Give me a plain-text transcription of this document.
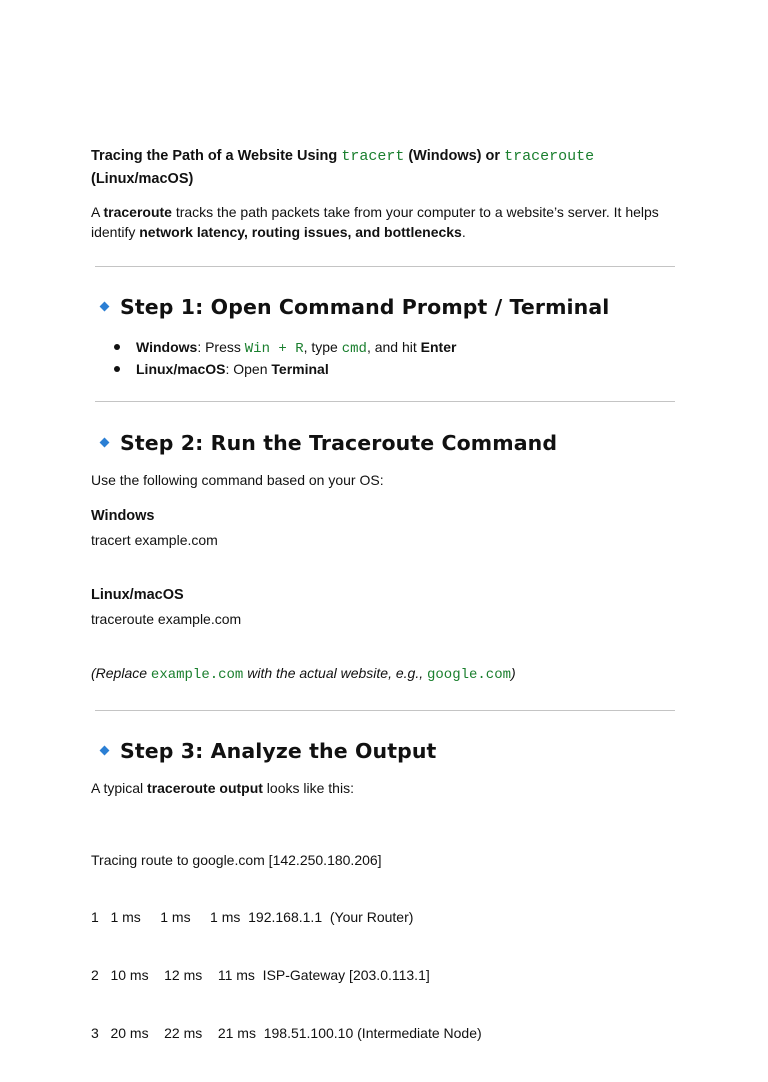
Tracing the Path of a Website Using tracert (Windows) or traceroute
(Linux/macOS)
A traceroute tracks the path packets take from your computer to a website’s server. It helps identify network latency, routing issues, and bottlenecks.
Step 1: Open Command Prompt / Terminal
Windows: Press Win + R, type cmd, and hit Enter
Linux/macOS: Open Terminal
Step 2: Run the Traceroute Command
Use the following command based on your OS:
Windows
tracert example.com
Linux/macOS
traceroute example.com
(Replace example.com with the actual website, e.g., google.com)
Step 3: Analyze the Output
A typical traceroute output looks like this:

Tracing route to google.com [142.250.180.206]

1   1 ms     1 ms     1 ms  192.168.1.1  (Your Router)

2   10 ms    12 ms    11 ms  ISP-Gateway [203.0.113.1]

3   20 ms    22 ms    21 ms  198.51.100.10 (Intermediate Node)
